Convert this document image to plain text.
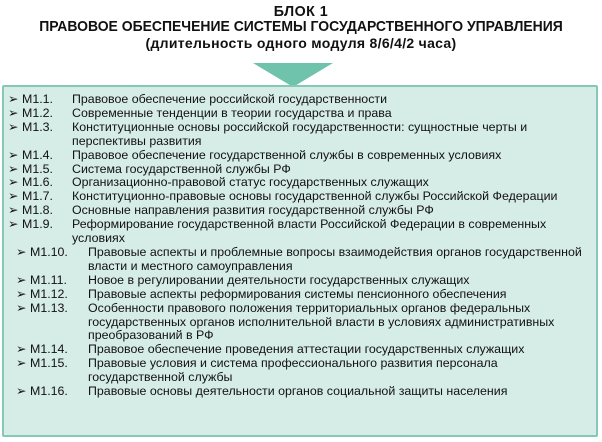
БЛОК 1
ПРАВОВОЕ ОБЕСПЕЧЕНИЕ СИСТЕМЫ ГОСУДАРСТВЕННОГО УПРАВЛЕНИЯ
(длительность одного модуля 8/6/4/2 часа)
➢ М1.1. Правовое обеспечение российской государственности
➢ М1.2. Современные тенденции в теории государства и права
➢ М1.3. Конституционные основы российской государственности: сущностные черты и
перспективы развития
➢ М1.4. Правовое обеспечение государственной службы в современных условиях
➢ М1.5. Система государственной службы РФ
➢ М1.6. Организационно-правовой статус государственных служащих
➢ М1.7. Конституционно-правовые основы государственной службы Российской Федерации
➢ М1.8. Основные направления развития государственной службы РФ
➢ М1.9. Реформирование государственной власти Российской Федерации в современных
условиях
➢ М1.10. Правовые аспекты и проблемные вопросы взаимодействия органов государственной
власти и местного самоуправления
➢ М1.11. Новое в регулировании деятельности государственных служащих
➢ М1.12. Правовые аспекты реформирования системы пенсионного обеспечения
➢ М1.13. Особенности правового положения территориальных органов федеральных
государственных органов исполнительной власти в условиях административных
преобразований в РФ
➢ М1.14. Правовое обеспечение проведения аттестации государственных служащих
➢ М1.15. Правовые условия и система профессионального развития персонала
государственной службы
➢ М1.16. Правовые основы деятельности органов социальной защиты населения
